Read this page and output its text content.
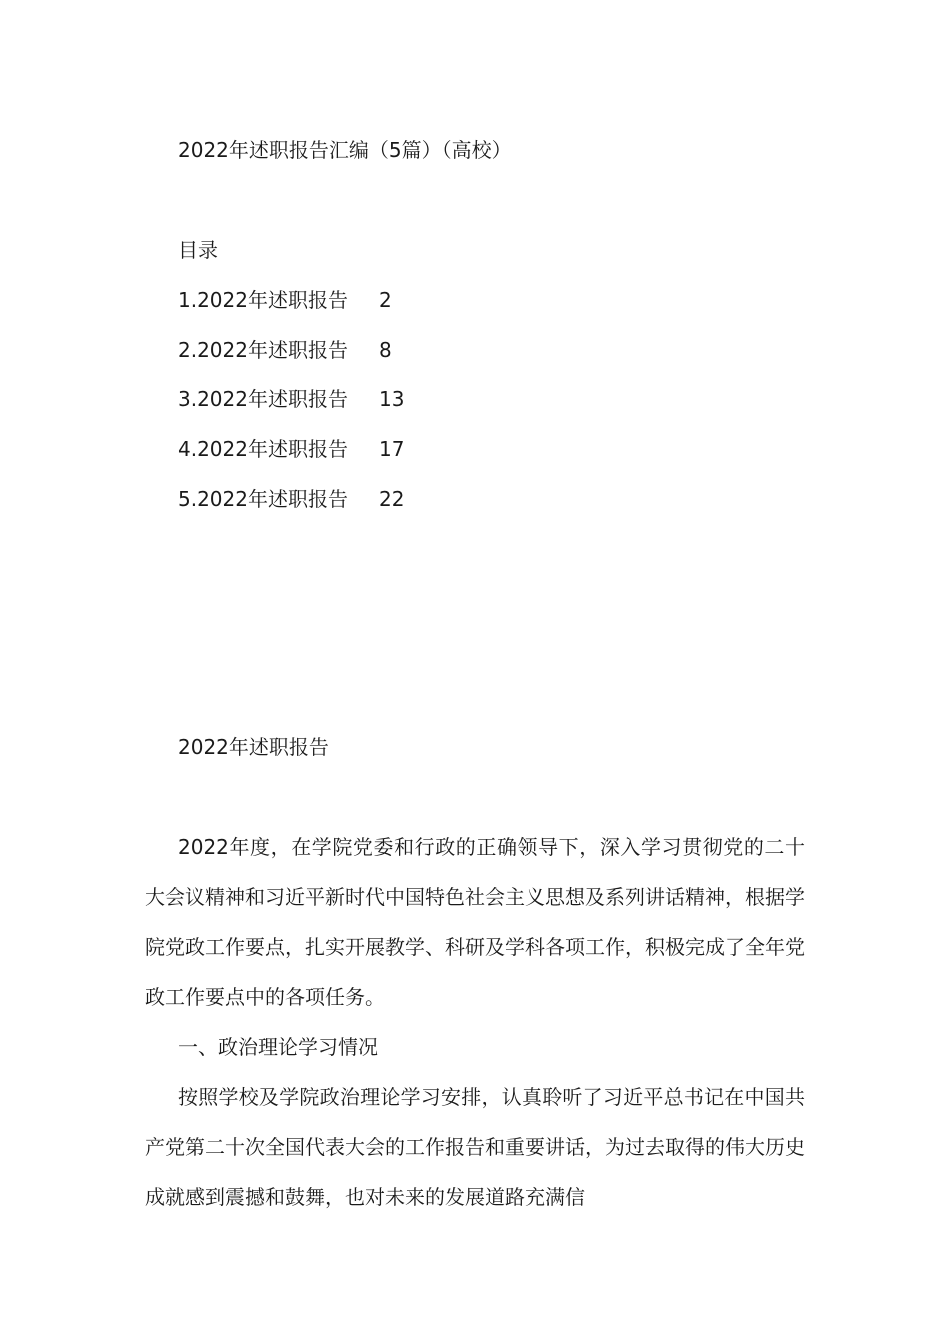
2022年述职报告汇编（5篇）（高校）
目录
1.2022年述职报告 2
2.2022年述职报告 8
3.2022年述职报告 13
4.2022年述职报告 17
5.2022年述职报告 22
2022年述职报告

2022年度，在学院党委和行政的正确领导下，深入学习贯彻党的二十大会议精神和习近平新时代中国特色社会主义思想及系列讲话精神，根据学院党政工作要点，扎实开展教学、科研及学科各项工作，积极完成了全年党政工作要点中的各项任务。

一、政治理论学习情况

按照学校及学院政治理论学习安排，认真聆听了习近平总书记在中国共产党第二十次全国代表大会的工作报告和重要讲话，为过去取得的伟大历史成就感到震撼和鼓舞，也对未来的发展道路充满信
